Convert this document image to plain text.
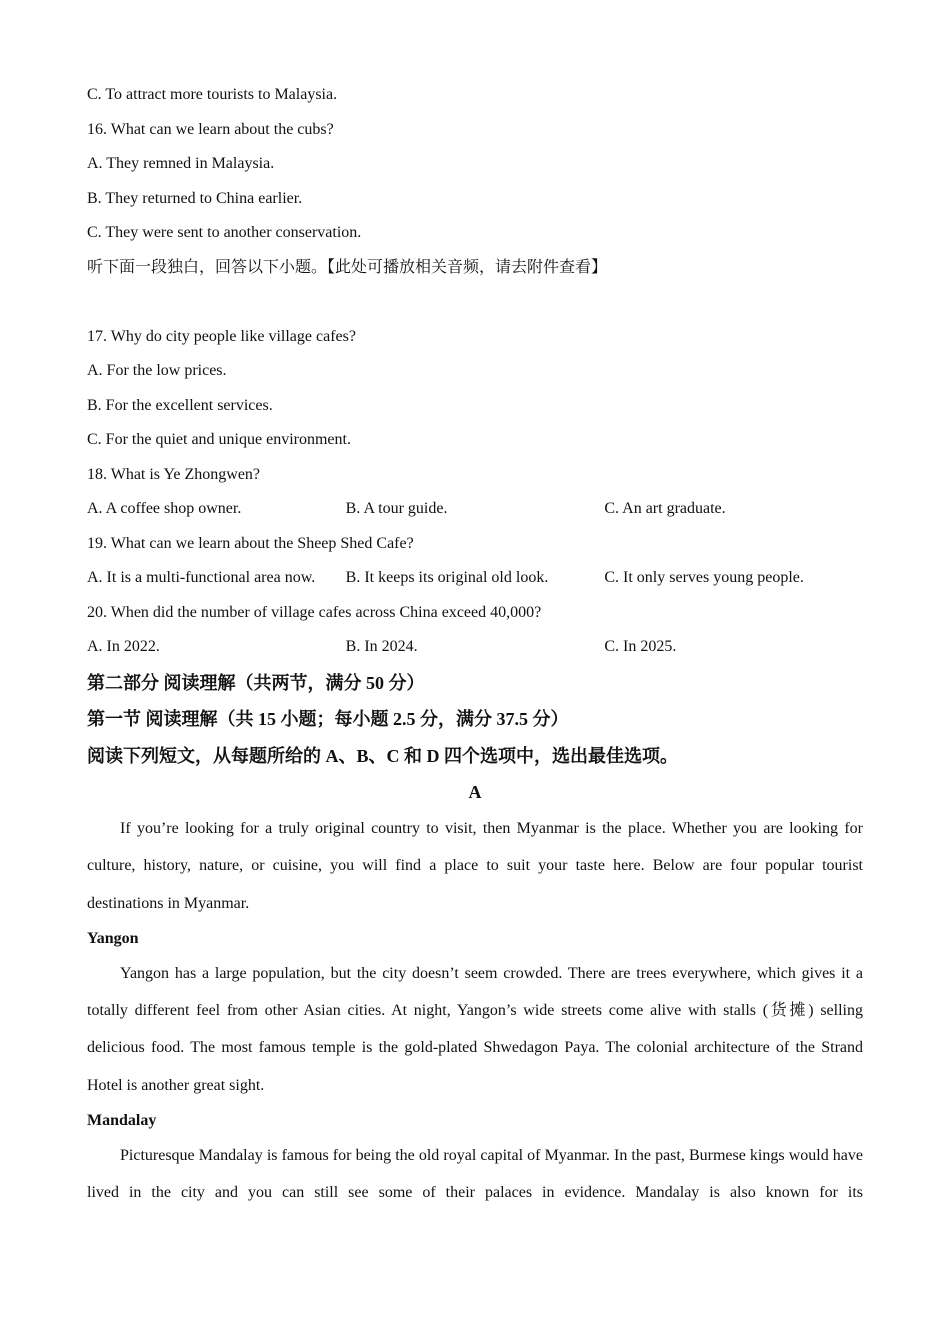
C. To attract more tourists to Malaysia.
16. What can we learn about the cubs?
A. They remned in Malaysia.
B. They returned to China earlier.
C. They were sent to another conservation.
听下面一段独白，回答以下小题。【此处可播放相关音频，请去附件查看】
17. Why do city people like village cafes?
A. For the low prices.
B. For the excellent services.
C. For the quiet and unique environment.
18. What is Ye Zhongwen?
A. A coffee shop owner.	B. A tour guide.	C. An art graduate.
19. What can we learn about the Sheep Shed Cafe?
A. It is a multi-functional area now.	B. It keeps its original old look.	C. It only serves young people.
20. When did the number of village cafes across China exceed 40,000?
A. In 2022.	B. In 2024.	C. In 2025.
第二部分 阅读理解（共两节，满分 50 分）
第一节 阅读理解（共 15 小题；每小题 2.5 分，满分 37.5 分）
阅读下列短文，从每题所给的 A、B、C 和 D 四个选项中，选出最佳选项。
A

If you’re looking for a truly original country to visit, then Myanmar is the place. Whether you are looking for culture, history, nature, or cuisine, you will find a place to suit your taste here. Below are four popular tourist destinations in Myanmar.

Yangon

Yangon has a large population, but the city doesn’t seem crowded. There are trees everywhere, which gives it a totally different feel from other Asian cities. At night, Yangon’s wide streets come alive with stalls (货摊) selling delicious food. The most famous temple is the gold-plated Shwedagon Paya. The colonial architecture of the Strand Hotel is another great sight.

Mandalay

Picturesque Mandalay is famous for being the old royal capital of Myanmar. In the past, Burmese kings would have lived in the city and you can still see some of their palaces in evidence. Mandalay is also known for its
